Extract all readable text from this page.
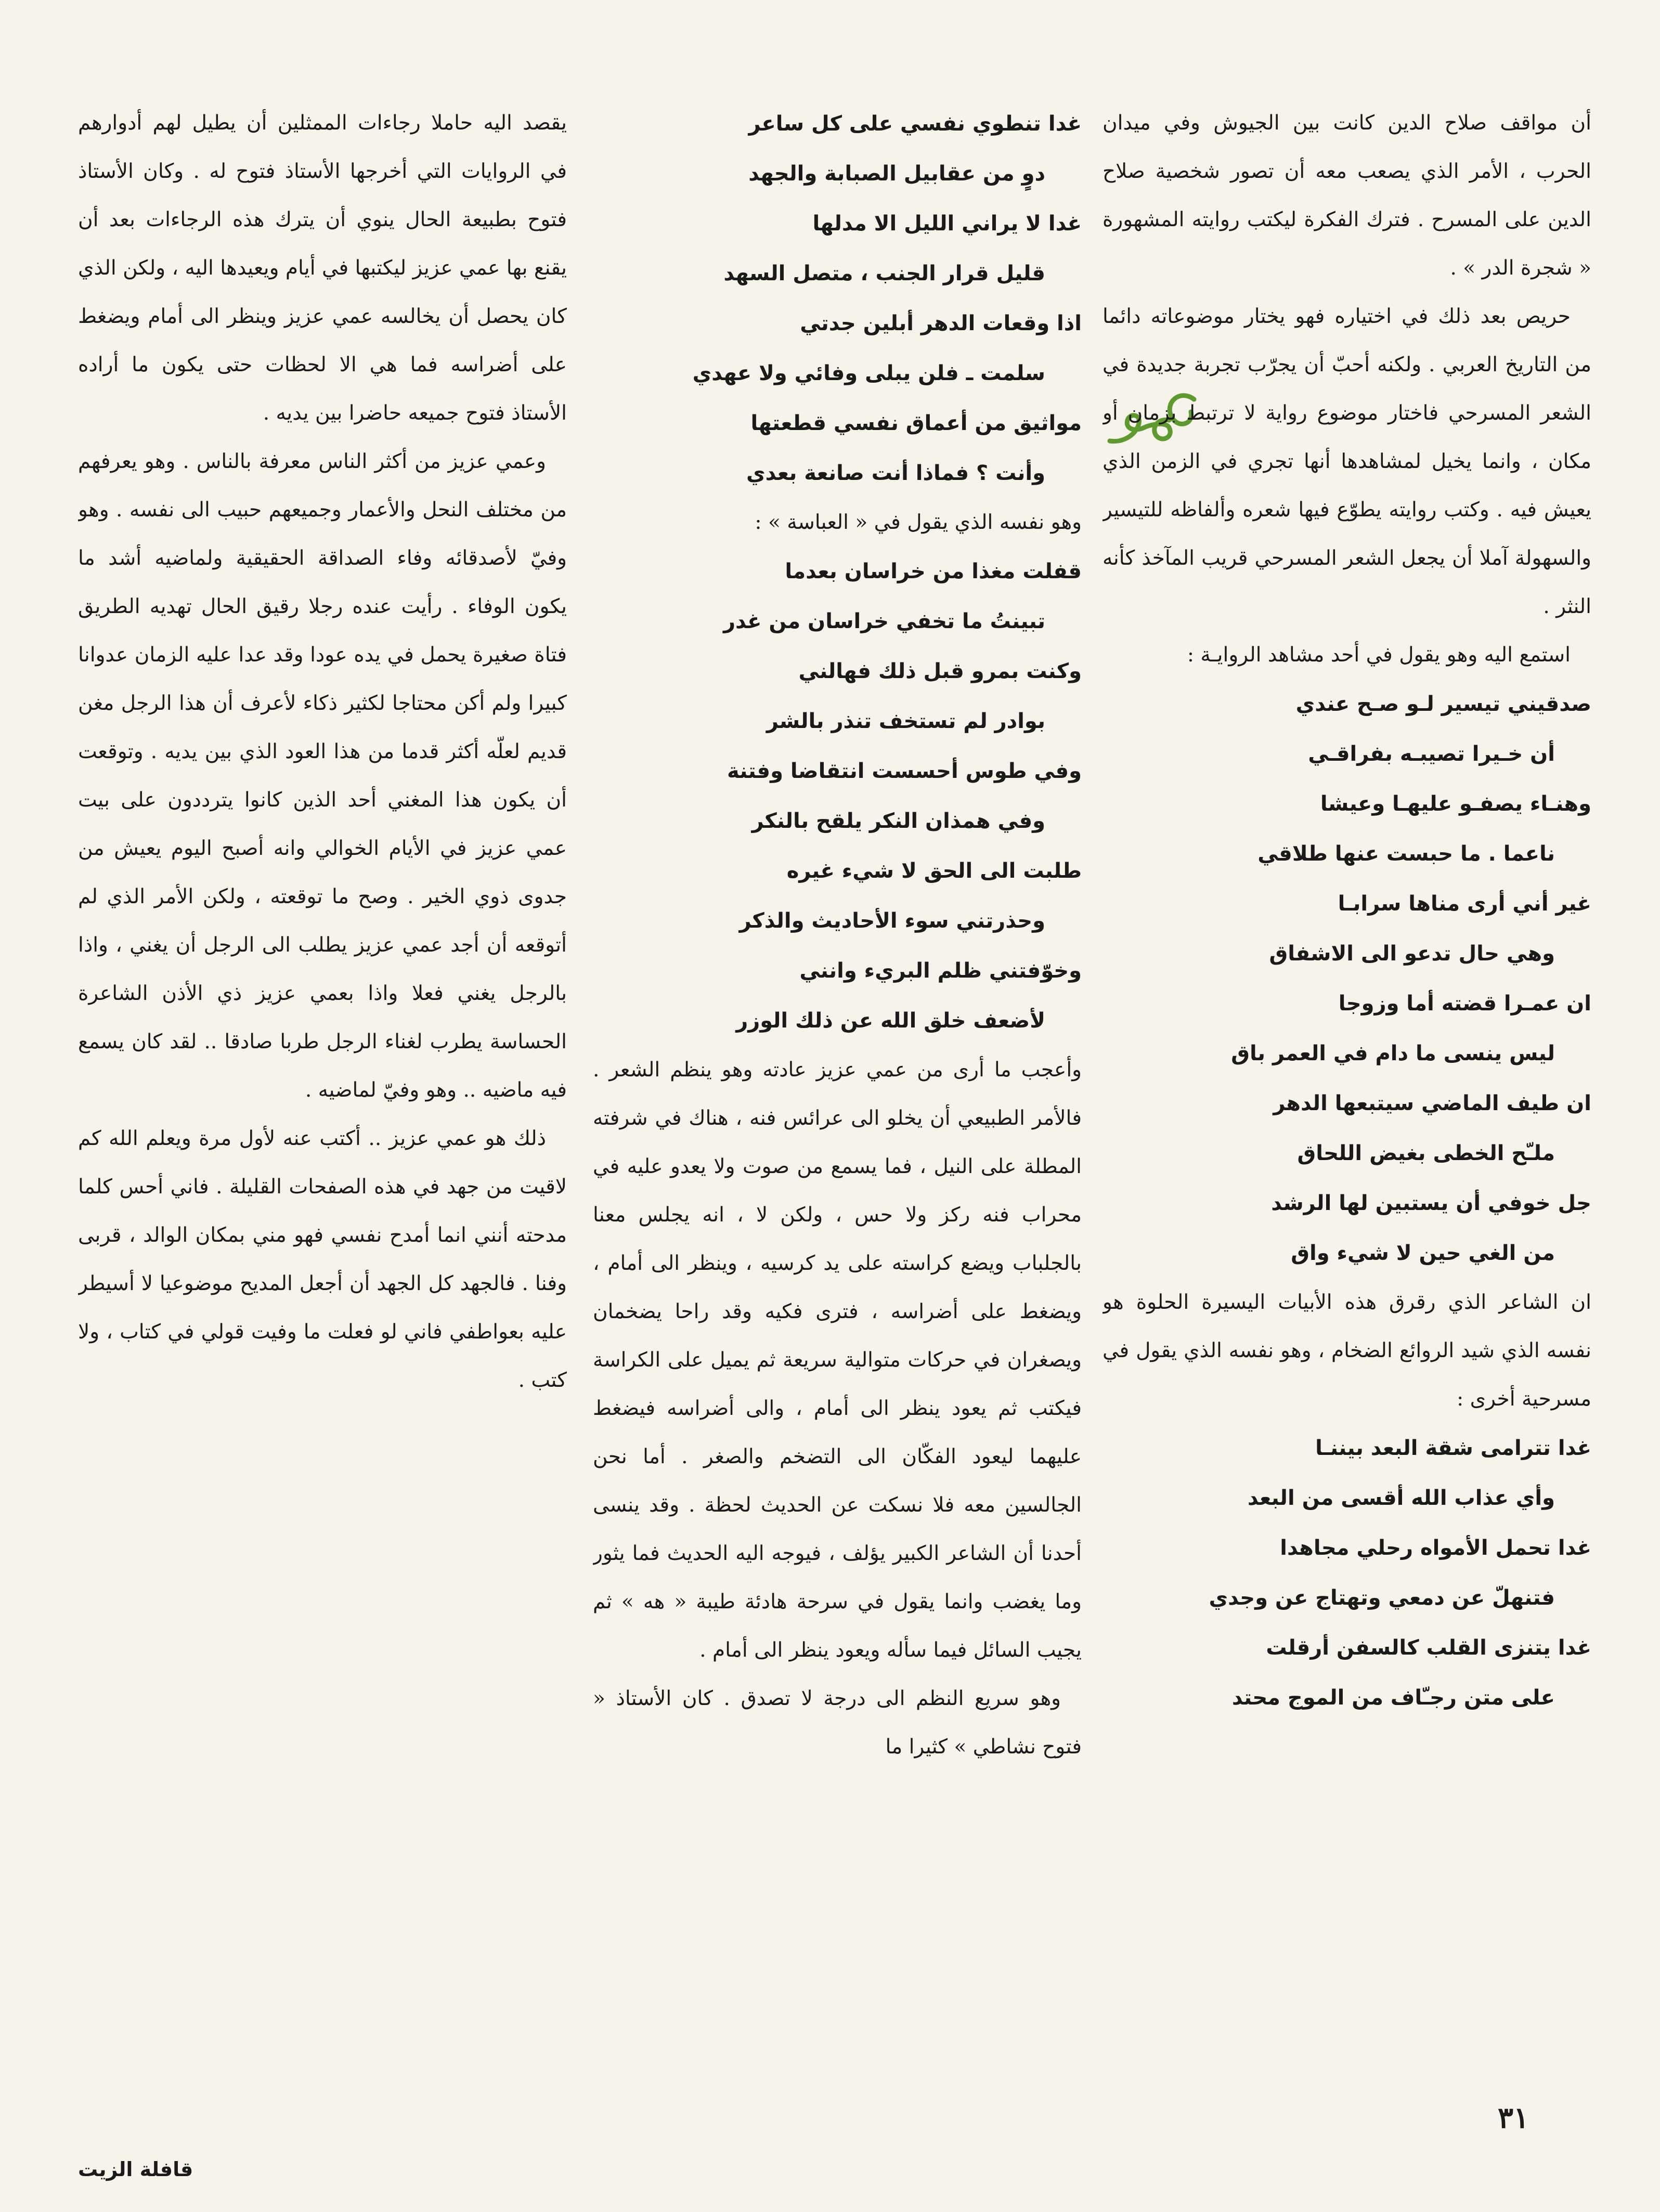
أن مواقف صلاح الدين كانت بين الجيوش وفي ميدان الحرب ، الأمر الذي يصعب معه أن تصور شخصية صلاح الدين على المسرح . فترك الفكرة ليكتب روايته المشهورة « شجرة الدر » .

حريص بعد ذلك في اختياره فهو يختار موضوعاته دائما من التاريخ العربي . ولكنه أحبّ أن يجرّب تجربة جديدة في الشعر المسرحي فاختار موضوع رواية لا ترتبط بزمان أو مكان ، وانما يخيل لمشاهدها أنها تجري في الزمن الذي يعيش فيه . وكتب روايته يطوّع فيها شعره وألفاظه للتيسير والسهولة آملا أن يجعل الشعر المسرحي قريب المآخذ كأنه النثر .

استمع اليه وهو يقول في أحد مشاهد الروايـة :

صدقيني تيسير لـو صـح عندي

أن خـيرا تصيبـه بفراقـي

وهنـاء يصفـو عليهـا وعيشا

ناعما . ما حبست عنها طلاقي

غير أني أرى مناها سرابـا

وهي حال تدعو الى الاشفاق

ان عمـرا قضته أما وزوجا

ليس ينسى ما دام في العمر باق

ان طيف الماضي سيتبعها الدهر

ملـّح الخطى بغيض اللحاق

جل خوفي أن يستبين لها الرشد

من الغي حين لا شيء واق

ان الشاعر الذي رقرق هذه الأبيات اليسيرة الحلوة هو نفسه الذي شيد الروائع الضخام ، وهو نفسه الذي يقول في مسرحية أخرى :

غدا تترامى شقة البعد بيننـا

وأي عذاب الله أقسى من البعد

غدا تحمل الأمواه رحلي مجاهدا

فتنهلّ عن دمعي وتهتاج عن وجدي

غدا يتنزى القلب كالسفن أرقلت

على متن رجـّاف من الموج محتد

غدا تنطوي نفسي على كل ساعر

دوٍ من عقابيل الصبابة والجهد

غدا لا يراني الليل الا مدلها

قليل قرار الجنب ، متصل السهد

اذا وقعات الدهر أبلين جدتي

سلمت ـ فلن يبلى وفائي ولا عهدي

مواثيق من أعماق نفسي قطعتها

وأنت ؟ فماذا أنت صانعة بعدي

وهو نفسه الذي يقول في « العباسة » :

قفلت مغذا من خراسان بعدما

تبينتُ ما تخفي خراسان من غدر

وكنت بمرو قبل ذلك فهالني

بوادر لم تستخف تنذر بالشر

وفي طوس أحسست انتقاضا وفتنة

وفي همذان النكر يلقح بالنكر

طلبت الى الحق لا شيء غيره

وحذرتني سوء الأحاديث والذكر

وخوّفتني ظلم البريء وانني

لأضعف خلق الله عن ذلك الوزر

وأعجب ما أرى من عمي عزيز عادته وهو ينظم الشعر . فالأمر الطبيعي أن يخلو الى عرائس فنه ، هناك في شرفته المطلة على النيل ، فما يسمع من صوت ولا يعدو عليه في محراب فنه ركز ولا حس ، ولكن لا ، انه يجلس معنا بالجلباب ويضع كراسته على يد كرسيه ، وينظر الى أمام ، ويضغط على أضراسه ، فترى فكيه وقد راحا يضخمان ويصغران في حركات متوالية سريعة ثم يميل على الكراسة فيكتب ثم يعود ينظر الى أمام ، والى أضراسه فيضغط عليهما ليعود الفكّان الى التضخم والصغر . أما نحن الجالسين معه فلا نسكت عن الحديث لحظة . وقد ينسى أحدنا أن الشاعر الكبير يؤلف ، فيوجه اليه الحديث فما يثور وما يغضب وانما يقول في سرحة هادئة طيبة « هه » ثم يجيب السائل فيما سأله ويعود ينظر الى أمام .

وهو سريع النظم الى درجة لا تصدق . كان الأستاذ « فتوح نشاطي » كثيرا ما

يقصد اليه حاملا رجاءات الممثلين أن يطيل لهم أدوارهم في الروايات التي أخرجها الأستاذ فتوح له . وكان الأستاذ فتوح بطبيعة الحال ينوي أن يترك هذه الرجاءات بعد أن يقنع بها عمي عزيز ليكتبها في أيام ويعيدها اليه ، ولكن الذي كان يحصل أن يخالسه عمي عزيز وينظر الى أمام ويضغط على أضراسه فما هي الا لحظات حتى يكون ما أراده الأستاذ فتوح جميعه حاضرا بين يديه .

وعمي عزيز من أكثر الناس معرفة بالناس . وهو يعرفهم من مختلف النحل والأعمار وجميعهم حبيب الى نفسه . وهو وفيّ لأصدقائه وفاء الصداقة الحقيقية ولماضيه أشد ما يكون الوفاء . رأيت عنده رجلا رقيق الحال تهديه الطريق فتاة صغيرة يحمل في يده عودا وقد عدا عليه الزمان عدوانا كبيرا ولم أكن محتاجا لكثير ذكاء لأعرف أن هذا الرجل مغن قديم لعلّه أكثر قدما من هذا العود الذي بين يديه . وتوقعت أن يكون هذا المغني أحد الذين كانوا يترددون على بيت عمي عزيز في الأيام الخوالي وانه أصبح اليوم يعيش من جدوى ذوي الخير . وصح ما توقعته ، ولكن الأمر الذي لم أتوقعه أن أجد عمي عزيز يطلب الى الرجل أن يغني ، واذا بالرجل يغني فعلا واذا بعمي عزيز ذي الأذن الشاعرة الحساسة يطرب لغناء الرجل طربا صادقا .. لقد كان يسمع فيه ماضيه .. وهو وفيّ لماضيه .

ذلك هو عمي عزيز .. أكتب عنه لأول مرة ويعلم الله كم لاقيت من جهد في هذه الصفحات القليلة . فاني أحس كلما مدحته أنني انما أمدح نفسي فهو مني بمكان الوالد ، قربى وفنا . فالجهد كل الجهد أن أجعل المديح موضوعيا لا أسيطر عليه بعواطفي فاني لو فعلت ما وفيت قولي في كتاب ، ولا كتب .

٣١
قافلة الزيت
